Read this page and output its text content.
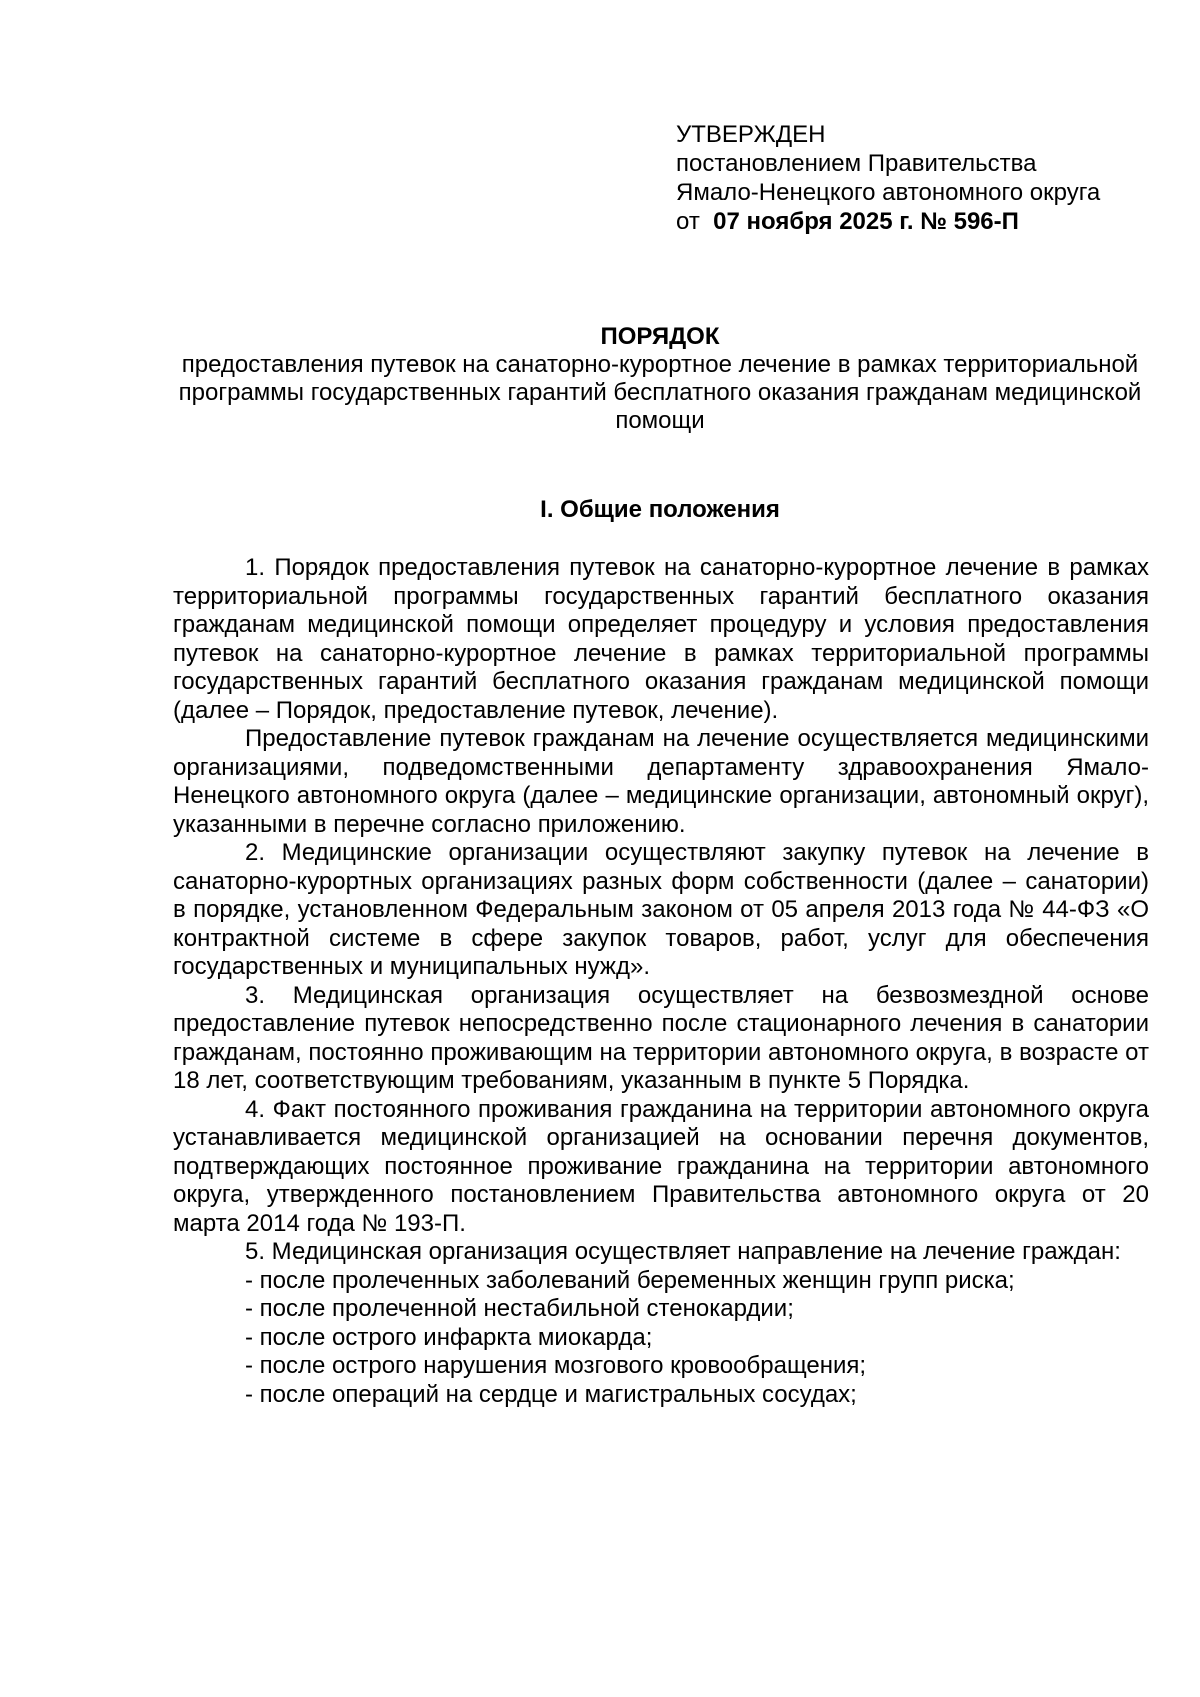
УТВЕРЖДЕН

постановлением Правительства

Ямало-Ненецкого автономного округа

от 07 ноября 2025 г. № 596-П

ПОРЯДОК

предоставления путевок на санаторно-курортное лечение в рамках территориальной программы государственных гарантий бесплатного оказания гражданам медицинской помощи

I. Общие положения

1. Порядок предоставления путевок на санаторно-курортное лечение в рамках территориальной программы государственных гарантий бесплатного оказания гражданам медицинской помощи определяет процедуру и условия предоставления путевок на санаторно-курортное лечение в рамках территориальной программы государственных гарантий бесплатного оказания гражданам медицинской помощи (далее – Порядок, предоставление путевок, лечение).

Предоставление путевок гражданам на лечение осуществляется медицинскими организациями, подведомственными департаменту здравоохранения Ямало-Ненецкого автономного округа (далее – медицинские организации, автономный округ), указанными в перечне согласно приложению.

2. Медицинские организации осуществляют закупку путевок на лечение в санаторно-курортных организациях разных форм собственности (далее – санатории) в порядке, установленном Федеральным законом от 05 апреля 2013 года № 44-ФЗ «О контрактной системе в сфере закупок товаров, работ, услуг для обеспечения государственных и муниципальных нужд».

3. Медицинская организация осуществляет на безвозмездной основе предоставление путевок непосредственно после стационарного лечения в санатории гражданам, постоянно проживающим на территории автономного округа, в возрасте от 18 лет, соответствующим требованиям, указанным в пункте 5 Порядка.

4. Факт постоянного проживания гражданина на территории автономного округа устанавливается медицинской организацией на основании перечня документов, подтверждающих постоянное проживание гражданина на территории автономного округа, утвержденного постановлением Правительства автономного округа от 20 марта 2014 года № 193-П.

5. Медицинская организация осуществляет направление на лечение граждан:

- после пролеченных заболеваний беременных женщин групп риска;
- после пролеченной нестабильной стенокардии;
- после острого инфаркта миокарда;
- после острого нарушения мозгового кровообращения;
- после операций на сердце и магистральных сосудах;
